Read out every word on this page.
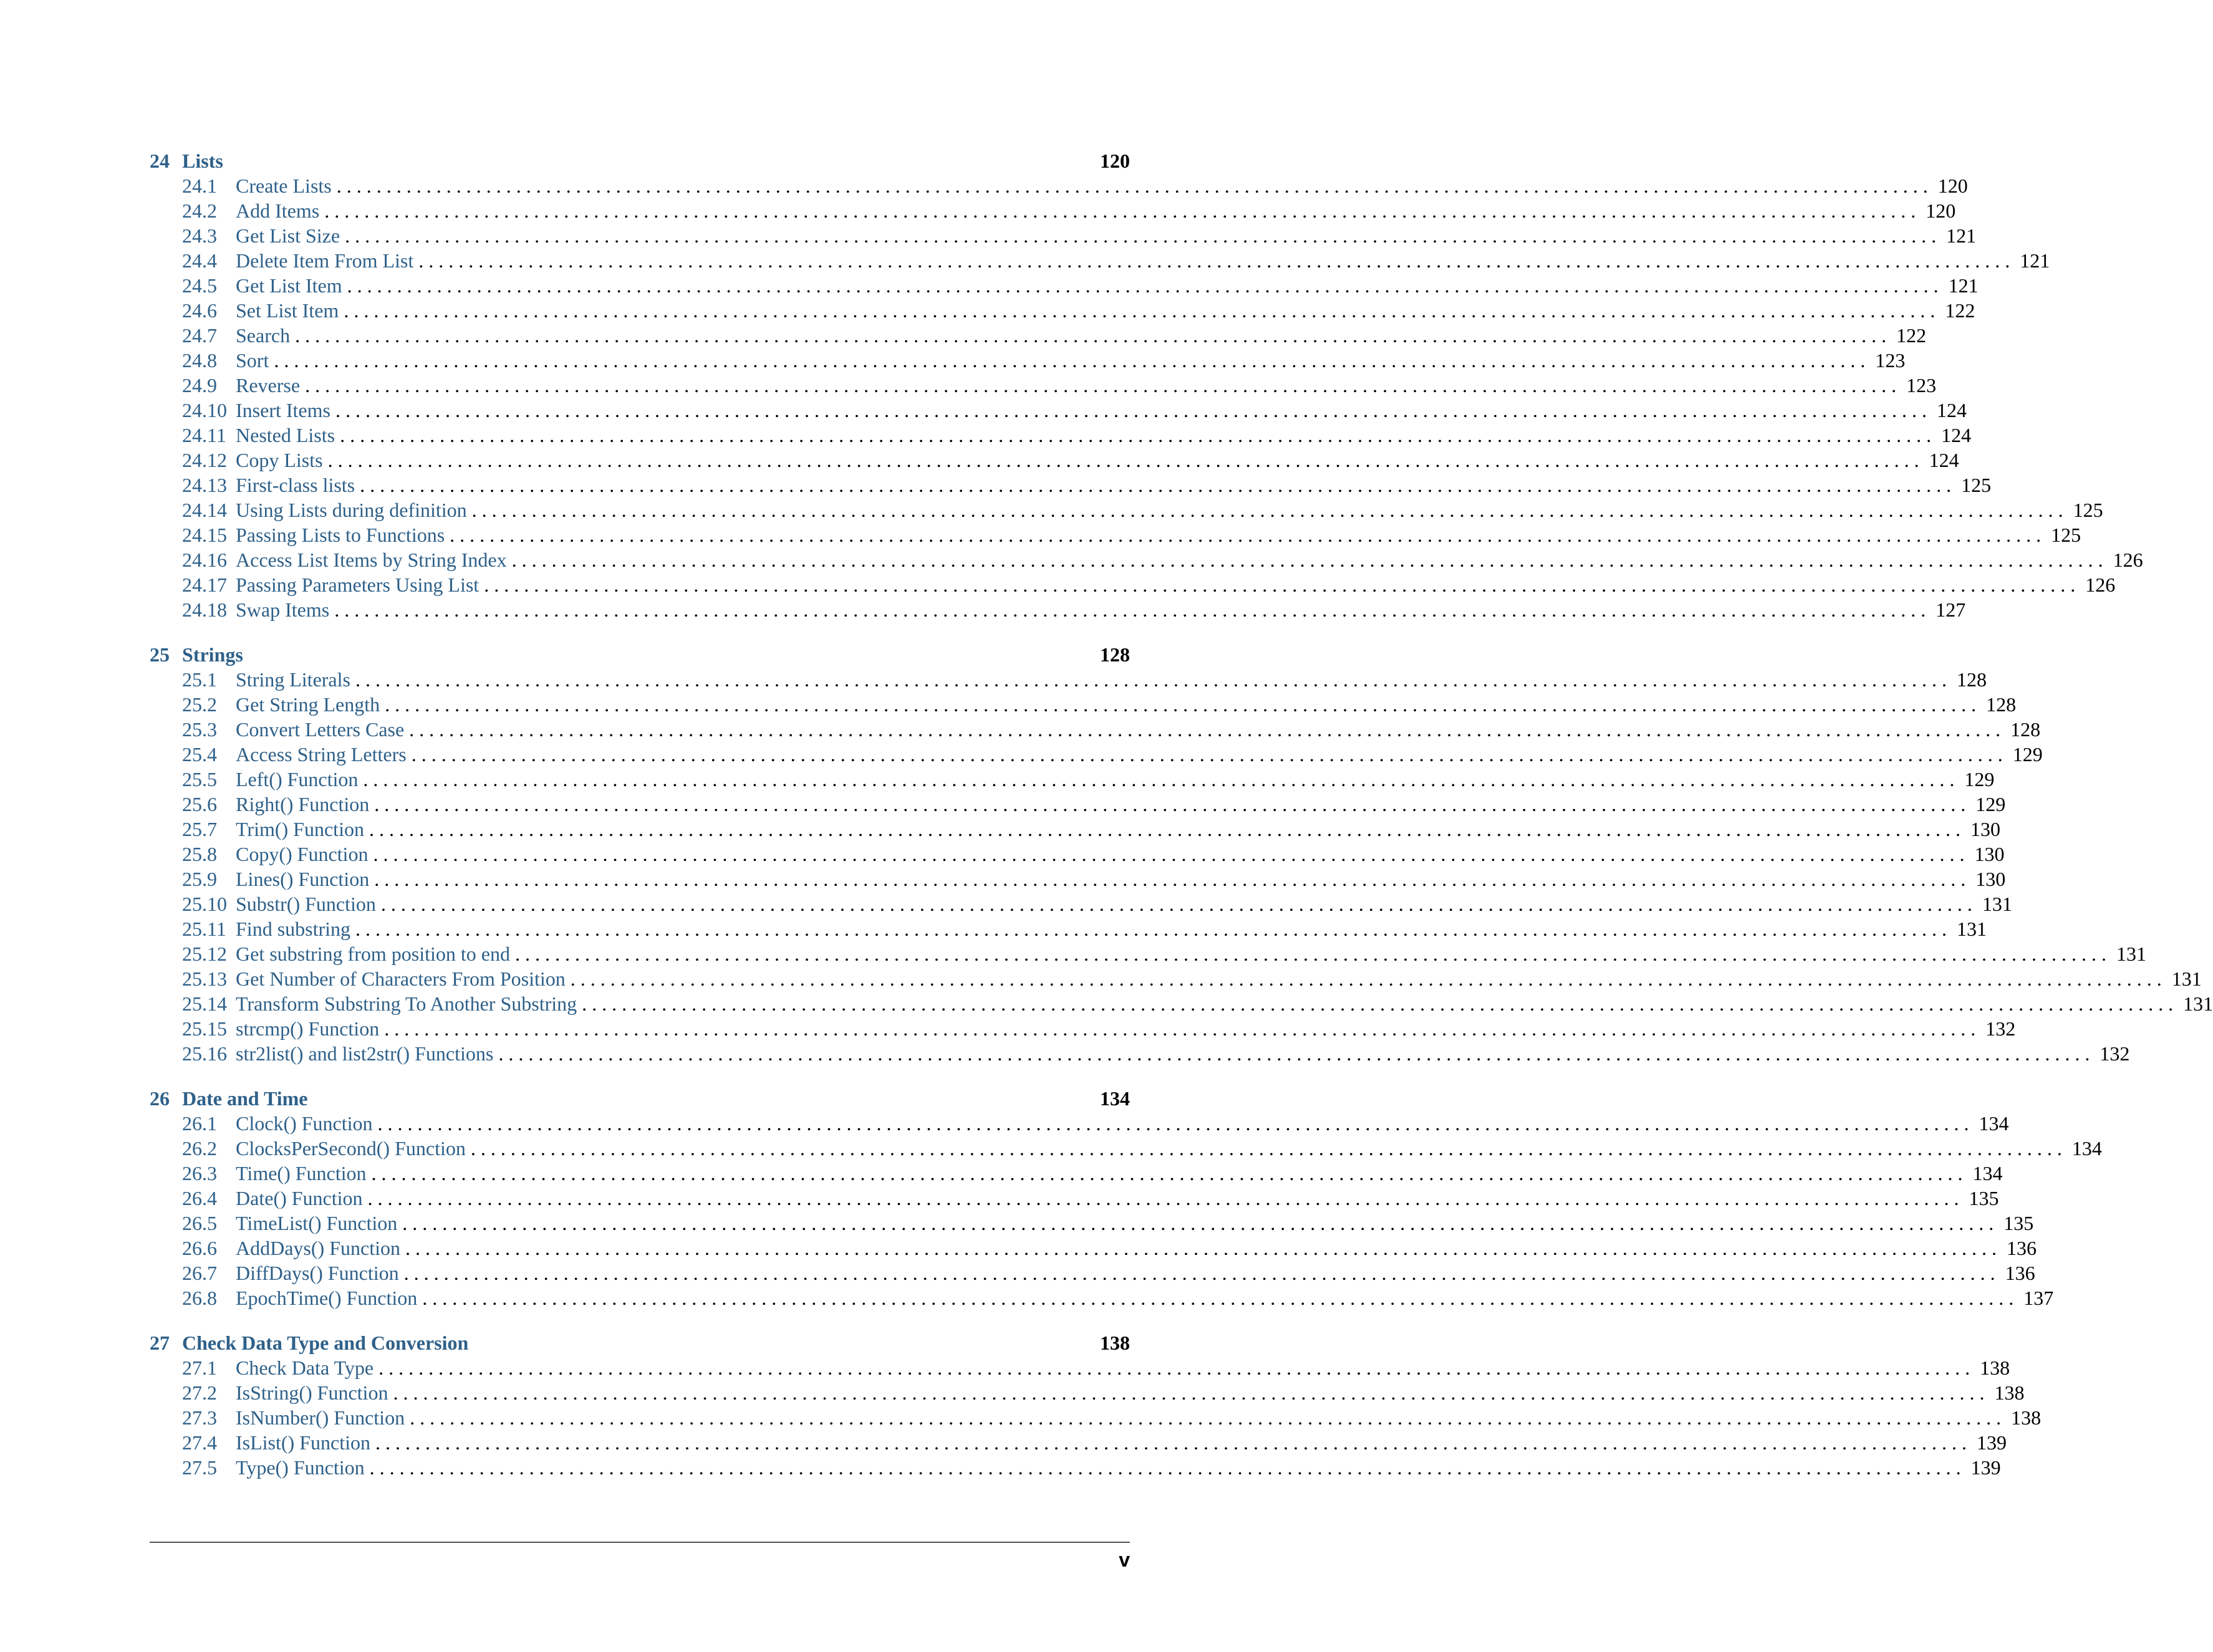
24 Lists	120
24.1 Create Lists . . . . . . . . . . . . . . . . . . . . . . . . . . . . . . . . . . . . . . . . . . . . . . . . . . . . . . . . . . . . . . . . . . . . . . . . . . . . . . . . . . . . . . . . . . . . . . . . . . . . . . . . . . . . . . . . . . . . . . . . . . . . . . . . . . . . . . . . . . . . . . . . . . . . . . . . . . . . . . . . 120
24.2 Add Items . . . . . . . . . . . . . . . . . . . . . . . . . . . . . . . . . . . . . . . . . . . . . . . . . . . . . . . . . . . . . . . . . . . . . . . . . . . . . . . . . . . . . . . . . . . . . . . . . . . . . . . . . . . . . . . . . . . . . . . . . . . . . . . . . . . . . . . . . . . . . . . . . . . . . . . . . . . . . . . . 120
24.3 Get List Size . . . . . . . . . . . . . . . . . . . . . . . . . . . . . . . . . . . . . . . . . . . . . . . . . . . . . . . . . . . . . . . . . . . . . . . . . . . . . . . . . . . . . . . . . . . . . . . . . . . . . . . . . . . . . . . . . . . . . . . . . . . . . . . . . . . . . . . . . . . . . . . . . . . . . . . . . . . . . . . . 121
24.4 Delete Item From List . . . . . . . . . . . . . . . . . . . . . . . . . . . . . . . . . . . . . . . . . . . . . . . . . . . . . . . . . . . . . . . . . . . . . . . . . . . . . . . . . . . . . . . . . . . . . . . . . . . . . . . . . . . . . . . . . . . . . . . . . . . . . . . . . . . . . . . . . . . . . . . . . . . . . . . . . . . . . . . . 121
24.5 Get List Item . . . . . . . . . . . . . . . . . . . . . . . . . . . . . . . . . . . . . . . . . . . . . . . . . . . . . . . . . . . . . . . . . . . . . . . . . . . . . . . . . . . . . . . . . . . . . . . . . . . . . . . . . . . . . . . . . . . . . . . . . . . . . . . . . . . . . . . . . . . . . . . . . . . . . . . . . . . . . . . . 121
24.6 Set List Item . . . . . . . . . . . . . . . . . . . . . . . . . . . . . . . . . . . . . . . . . . . . . . . . . . . . . . . . . . . . . . . . . . . . . . . . . . . . . . . . . . . . . . . . . . . . . . . . . . . . . . . . . . . . . . . . . . . . . . . . . . . . . . . . . . . . . . . . . . . . . . . . . . . . . . . . . . . . . . . . 122
24.7 Search . . . . . . . . . . . . . . . . . . . . . . . . . . . . . . . . . . . . . . . . . . . . . . . . . . . . . . . . . . . . . . . . . . . . . . . . . . . . . . . . . . . . . . . . . . . . . . . . . . . . . . . . . . . . . . . . . . . . . . . . . . . . . . . . . . . . . . . . . . . . . . . . . . . . . . . . . . . . . . . . 122
24.8 Sort . . . . . . . . . . . . . . . . . . . . . . . . . . . . . . . . . . . . . . . . . . . . . . . . . . . . . . . . . . . . . . . . . . . . . . . . . . . . . . . . . . . . . . . . . . . . . . . . . . . . . . . . . . . . . . . . . . . . . . . . . . . . . . . . . . . . . . . . . . . . . . . . . . . . . . . . . . . . . . . . 123
24.9 Reverse . . . . . . . . . . . . . . . . . . . . . . . . . . . . . . . . . . . . . . . . . . . . . . . . . . . . . . . . . . . . . . . . . . . . . . . . . . . . . . . . . . . . . . . . . . . . . . . . . . . . . . . . . . . . . . . . . . . . . . . . . . . . . . . . . . . . . . . . . . . . . . . . . . . . . . . . . . . . . . . . 123
24.10 Insert Items . . . . . . . . . . . . . . . . . . . . . . . . . . . . . . . . . . . . . . . . . . . . . . . . . . . . . . . . . . . . . . . . . . . . . . . . . . . . . . . . . . . . . . . . . . . . . . . . . . . . . . . . . . . . . . . . . . . . . . . . . . . . . . . . . . . . . . . . . . . . . . . . . . . . . . . . . . . . . . . . 124
24.11 Nested Lists . . . . . . . . . . . . . . . . . . . . . . . . . . . . . . . . . . . . . . . . . . . . . . . . . . . . . . . . . . . . . . . . . . . . . . . . . . . . . . . . . . . . . . . . . . . . . . . . . . . . . . . . . . . . . . . . . . . . . . . . . . . . . . . . . . . . . . . . . . . . . . . . . . . . . . . . . . . . . . . . 124
24.12 Copy Lists . . . . . . . . . . . . . . . . . . . . . . . . . . . . . . . . . . . . . . . . . . . . . . . . . . . . . . . . . . . . . . . . . . . . . . . . . . . . . . . . . . . . . . . . . . . . . . . . . . . . . . . . . . . . . . . . . . . . . . . . . . . . . . . . . . . . . . . . . . . . . . . . . . . . . . . . . . . . . . . . 124
24.13 First-class lists . . . . . . . . . . . . . . . . . . . . . . . . . . . . . . . . . . . . . . . . . . . . . . . . . . . . . . . . . . . . . . . . . . . . . . . . . . . . . . . . . . . . . . . . . . . . . . . . . . . . . . . . . . . . . . . . . . . . . . . . . . . . . . . . . . . . . . . . . . . . . . . . . . . . . . . . . . . . . . . . 125
24.14 Using Lists during definition . . . . . . . . . . . . . . . . . . . . . . . . . . . . . . . . . . . . . . . . . . . . . . . . . . . . . . . . . . . . . . . . . . . . . . . . . . . . . . . . . . . . . . . . . . . . . . . . . . . . . . . . . . . . . . . . . . . . . . . . . . . . . . . . . . . . . . . . . . . . . . . . . . . . . . . . . . . . . . . . 125
24.15 Passing Lists to Functions . . . . . . . . . . . . . . . . . . . . . . . . . . . . . . . . . . . . . . . . . . . . . . . . . . . . . . . . . . . . . . . . . . . . . . . . . . . . . . . . . . . . . . . . . . . . . . . . . . . . . . . . . . . . . . . . . . . . . . . . . . . . . . . . . . . . . . . . . . . . . . . . . . . . . . . . . . . . . . . . 125
24.16 Access List Items by String Index . . . . . . . . . . . . . . . . . . . . . . . . . . . . . . . . . . . . . . . . . . . . . . . . . . . . . . . . . . . . . . . . . . . . . . . . . . . . . . . . . . . . . . . . . . . . . . . . . . . . . . . . . . . . . . . . . . . . . . . . . . . . . . . . . . . . . . . . . . . . . . . . . . . . . . . . . . . . . . . . 126
24.17 Passing Parameters Using List . . . . . . . . . . . . . . . . . . . . . . . . . . . . . . . . . . . . . . . . . . . . . . . . . . . . . . . . . . . . . . . . . . . . . . . . . . . . . . . . . . . . . . . . . . . . . . . . . . . . . . . . . . . . . . . . . . . . . . . . . . . . . . . . . . . . . . . . . . . . . . . . . . . . . . . . . . . . . . . . 126
24.18 Swap Items . . . . . . . . . . . . . . . . . . . . . . . . . . . . . . . . . . . . . . . . . . . . . . . . . . . . . . . . . . . . . . . . . . . . . . . . . . . . . . . . . . . . . . . . . . . . . . . . . . . . . . . . . . . . . . . . . . . . . . . . . . . . . . . . . . . . . . . . . . . . . . . . . . . . . . . . . . . . . . . . 127
25 Strings	128
25.1 String Literals . . . . . . . . . . . . . . . . . . . . . . . . . . . . . . . . . . . . . . . . . . . . . . . . . . . . . . . . . . . . . . . . . . . . . . . . . . . . . . . . . . . . . . . . . . . . . . . . . . . . . . . . . . . . . . . . . . . . . . . . . . . . . . . . . . . . . . . . . . . . . . . . . . . . . . . . . . . . . . . . 128
25.2 Get String Length . . . . . . . . . . . . . . . . . . . . . . . . . . . . . . . . . . . . . . . . . . . . . . . . . . . . . . . . . . . . . . . . . . . . . . . . . . . . . . . . . . . . . . . . . . . . . . . . . . . . . . . . . . . . . . . . . . . . . . . . . . . . . . . . . . . . . . . . . . . . . . . . . . . . . . . . . . . . . . . . 128
25.3 Convert Letters Case . . . . . . . . . . . . . . . . . . . . . . . . . . . . . . . . . . . . . . . . . . . . . . . . . . . . . . . . . . . . . . . . . . . . . . . . . . . . . . . . . . . . . . . . . . . . . . . . . . . . . . . . . . . . . . . . . . . . . . . . . . . . . . . . . . . . . . . . . . . . . . . . . . . . . . . . . . . . . . . . 128
25.4 Access String Letters . . . . . . . . . . . . . . . . . . . . . . . . . . . . . . . . . . . . . . . . . . . . . . . . . . . . . . . . . . . . . . . . . . . . . . . . . . . . . . . . . . . . . . . . . . . . . . . . . . . . . . . . . . . . . . . . . . . . . . . . . . . . . . . . . . . . . . . . . . . . . . . . . . . . . . . . . . . . . . . . 129
25.5 Left() Function . . . . . . . . . . . . . . . . . . . . . . . . . . . . . . . . . . . . . . . . . . . . . . . . . . . . . . . . . . . . . . . . . . . . . . . . . . . . . . . . . . . . . . . . . . . . . . . . . . . . . . . . . . . . . . . . . . . . . . . . . . . . . . . . . . . . . . . . . . . . . . . . . . . . . . . . . . . . . . . . 129
25.6 Right() Function . . . . . . . . . . . . . . . . . . . . . . . . . . . . . . . . . . . . . . . . . . . . . . . . . . . . . . . . . . . . . . . . . . . . . . . . . . . . . . . . . . . . . . . . . . . . . . . . . . . . . . . . . . . . . . . . . . . . . . . . . . . . . . . . . . . . . . . . . . . . . . . . . . . . . . . . . . . . . . . . 129
25.7 Trim() Function . . . . . . . . . . . . . . . . . . . . . . . . . . . . . . . . . . . . . . . . . . . . . . . . . . . . . . . . . . . . . . . . . . . . . . . . . . . . . . . . . . . . . . . . . . . . . . . . . . . . . . . . . . . . . . . . . . . . . . . . . . . . . . . . . . . . . . . . . . . . . . . . . . . . . . . . . . . . . . . . 130
25.8 Copy() Function . . . . . . . . . . . . . . . . . . . . . . . . . . . . . . . . . . . . . . . . . . . . . . . . . . . . . . . . . . . . . . . . . . . . . . . . . . . . . . . . . . . . . . . . . . . . . . . . . . . . . . . . . . . . . . . . . . . . . . . . . . . . . . . . . . . . . . . . . . . . . . . . . . . . . . . . . . . . . . . . 130
25.9 Lines() Function . . . . . . . . . . . . . . . . . . . . . . . . . . . . . . . . . . . . . . . . . . . . . . . . . . . . . . . . . . . . . . . . . . . . . . . . . . . . . . . . . . . . . . . . . . . . . . . . . . . . . . . . . . . . . . . . . . . . . . . . . . . . . . . . . . . . . . . . . . . . . . . . . . . . . . . . . . . . . . . . 130
25.10 Substr() Function . . . . . . . . . . . . . . . . . . . . . . . . . . . . . . . . . . . . . . . . . . . . . . . . . . . . . . . . . . . . . . . . . . . . . . . . . . . . . . . . . . . . . . . . . . . . . . . . . . . . . . . . . . . . . . . . . . . . . . . . . . . . . . . . . . . . . . . . . . . . . . . . . . . . . . . . . . . . . . . . 131
25.11 Find substring . . . . . . . . . . . . . . . . . . . . . . . . . . . . . . . . . . . . . . . . . . . . . . . . . . . . . . . . . . . . . . . . . . . . . . . . . . . . . . . . . . . . . . . . . . . . . . . . . . . . . . . . . . . . . . . . . . . . . . . . . . . . . . . . . . . . . . . . . . . . . . . . . . . . . . . . . . . . . . . . 131
25.12 Get substring from position to end . . . . . . . . . . . . . . . . . . . . . . . . . . . . . . . . . . . . . . . . . . . . . . . . . . . . . . . . . . . . . . . . . . . . . . . . . . . . . . . . . . . . . . . . . . . . . . . . . . . . . . . . . . . . . . . . . . . . . . . . . . . . . . . . . . . . . . . . . . . . . . . . . . . . . . . . . . . . . . . . 131
25.13 Get Number of Characters From Position . . . . . . . . . . . . . . . . . . . . . . . . . . . . . . . . . . . . . . . . . . . . . . . . . . . . . . . . . . . . . . . . . . . . . . . . . . . . . . . . . . . . . . . . . . . . . . . . . . . . . . . . . . . . . . . . . . . . . . . . . . . . . . . . . . . . . . . . . . . . . . . . . . . . . . . . . . . . . . . . 131
25.14 Transform Substring To Another Substring . . . . . . . . . . . . . . . . . . . . . . . . . . . . . . . . . . . . . . . . . . . . . . . . . . . . . . . . . . . . . . . . . . . . . . . . . . . . . . . . . . . . . . . . . . . . . . . . . . . . . . . . . . . . . . . . . . . . . . . . . . . . . . . . . . . . . . . . . . . . . . . . . . . . . . . . . . . . . . . . 131
25.15 strcmp() Function . . . . . . . . . . . . . . . . . . . . . . . . . . . . . . . . . . . . . . . . . . . . . . . . . . . . . . . . . . . . . . . . . . . . . . . . . . . . . . . . . . . . . . . . . . . . . . . . . . . . . . . . . . . . . . . . . . . . . . . . . . . . . . . . . . . . . . . . . . . . . . . . . . . . . . . . . . . . . . . . 132
25.16 str2list() and list2str() Functions . . . . . . . . . . . . . . . . . . . . . . . . . . . . . . . . . . . . . . . . . . . . . . . . . . . . . . . . . . . . . . . . . . . . . . . . . . . . . . . . . . . . . . . . . . . . . . . . . . . . . . . . . . . . . . . . . . . . . . . . . . . . . . . . . . . . . . . . . . . . . . . . . . . . . . . . . . . . . . . . 132
26 Date and Time	134
26.1 Clock() Function . . . . . . . . . . . . . . . . . . . . . . . . . . . . . . . . . . . . . . . . . . . . . . . . . . . . . . . . . . . . . . . . . . . . . . . . . . . . . . . . . . . . . . . . . . . . . . . . . . . . . . . . . . . . . . . . . . . . . . . . . . . . . . . . . . . . . . . . . . . . . . . . . . . . . . . . . . . . . . . . 134
26.2 ClocksPerSecond() Function . . . . . . . . . . . . . . . . . . . . . . . . . . . . . . . . . . . . . . . . . . . . . . . . . . . . . . . . . . . . . . . . . . . . . . . . . . . . . . . . . . . . . . . . . . . . . . . . . . . . . . . . . . . . . . . . . . . . . . . . . . . . . . . . . . . . . . . . . . . . . . . . . . . . . . . . . . . . . . . . 134
26.3 Time() Function . . . . . . . . . . . . . . . . . . . . . . . . . . . . . . . . . . . . . . . . . . . . . . . . . . . . . . . . . . . . . . . . . . . . . . . . . . . . . . . . . . . . . . . . . . . . . . . . . . . . . . . . . . . . . . . . . . . . . . . . . . . . . . . . . . . . . . . . . . . . . . . . . . . . . . . . . . . . . . . . 134
26.4 Date() Function . . . . . . . . . . . . . . . . . . . . . . . . . . . . . . . . . . . . . . . . . . . . . . . . . . . . . . . . . . . . . . . . . . . . . . . . . . . . . . . . . . . . . . . . . . . . . . . . . . . . . . . . . . . . . . . . . . . . . . . . . . . . . . . . . . . . . . . . . . . . . . . . . . . . . . . . . . . . . . . . 135
26.5 TimeList() Function . . . . . . . . . . . . . . . . . . . . . . . . . . . . . . . . . . . . . . . . . . . . . . . . . . . . . . . . . . . . . . . . . . . . . . . . . . . . . . . . . . . . . . . . . . . . . . . . . . . . . . . . . . . . . . . . . . . . . . . . . . . . . . . . . . . . . . . . . . . . . . . . . . . . . . . . . . . . . . . . 135
26.6 AddDays() Function . . . . . . . . . . . . . . . . . . . . . . . . . . . . . . . . . . . . . . . . . . . . . . . . . . . . . . . . . . . . . . . . . . . . . . . . . . . . . . . . . . . . . . . . . . . . . . . . . . . . . . . . . . . . . . . . . . . . . . . . . . . . . . . . . . . . . . . . . . . . . . . . . . . . . . . . . . . . . . . . 136
26.7 DiffDays() Function . . . . . . . . . . . . . . . . . . . . . . . . . . . . . . . . . . . . . . . . . . . . . . . . . . . . . . . . . . . . . . . . . . . . . . . . . . . . . . . . . . . . . . . . . . . . . . . . . . . . . . . . . . . . . . . . . . . . . . . . . . . . . . . . . . . . . . . . . . . . . . . . . . . . . . . . . . . . . . . . 136
26.8 EpochTime() Function . . . . . . . . . . . . . . . . . . . . . . . . . . . . . . . . . . . . . . . . . . . . . . . . . . . . . . . . . . . . . . . . . . . . . . . . . . . . . . . . . . . . . . . . . . . . . . . . . . . . . . . . . . . . . . . . . . . . . . . . . . . . . . . . . . . . . . . . . . . . . . . . . . . . . . . . . . . . . . . . 137
27 Check Data Type and Conversion	138
27.1 Check Data Type . . . . . . . . . . . . . . . . . . . . . . . . . . . . . . . . . . . . . . . . . . . . . . . . . . . . . . . . . . . . . . . . . . . . . . . . . . . . . . . . . . . . . . . . . . . . . . . . . . . . . . . . . . . . . . . . . . . . . . . . . . . . . . . . . . . . . . . . . . . . . . . . . . . . . . . . . . . . . . . . 138
27.2 IsString() Function . . . . . . . . . . . . . . . . . . . . . . . . . . . . . . . . . . . . . . . . . . . . . . . . . . . . . . . . . . . . . . . . . . . . . . . . . . . . . . . . . . . . . . . . . . . . . . . . . . . . . . . . . . . . . . . . . . . . . . . . . . . . . . . . . . . . . . . . . . . . . . . . . . . . . . . . . . . . . . . . 138
27.3 IsNumber() Function . . . . . . . . . . . . . . . . . . . . . . . . . . . . . . . . . . . . . . . . . . . . . . . . . . . . . . . . . . . . . . . . . . . . . . . . . . . . . . . . . . . . . . . . . . . . . . . . . . . . . . . . . . . . . . . . . . . . . . . . . . . . . . . . . . . . . . . . . . . . . . . . . . . . . . . . . . . . . . . . 138
27.4 IsList() Function . . . . . . . . . . . . . . . . . . . . . . . . . . . . . . . . . . . . . . . . . . . . . . . . . . . . . . . . . . . . . . . . . . . . . . . . . . . . . . . . . . . . . . . . . . . . . . . . . . . . . . . . . . . . . . . . . . . . . . . . . . . . . . . . . . . . . . . . . . . . . . . . . . . . . . . . . . . . . . . . 139
27.5 Type() Function . . . . . . . . . . . . . . . . . . . . . . . . . . . . . . . . . . . . . . . . . . . . . . . . . . . . . . . . . . . . . . . . . . . . . . . . . . . . . . . . . . . . . . . . . . . . . . . . . . . . . . . . . . . . . . . . . . . . . . . . . . . . . . . . . . . . . . . . . . . . . . . . . . . . . . . . . . . . . . . . 139
v
